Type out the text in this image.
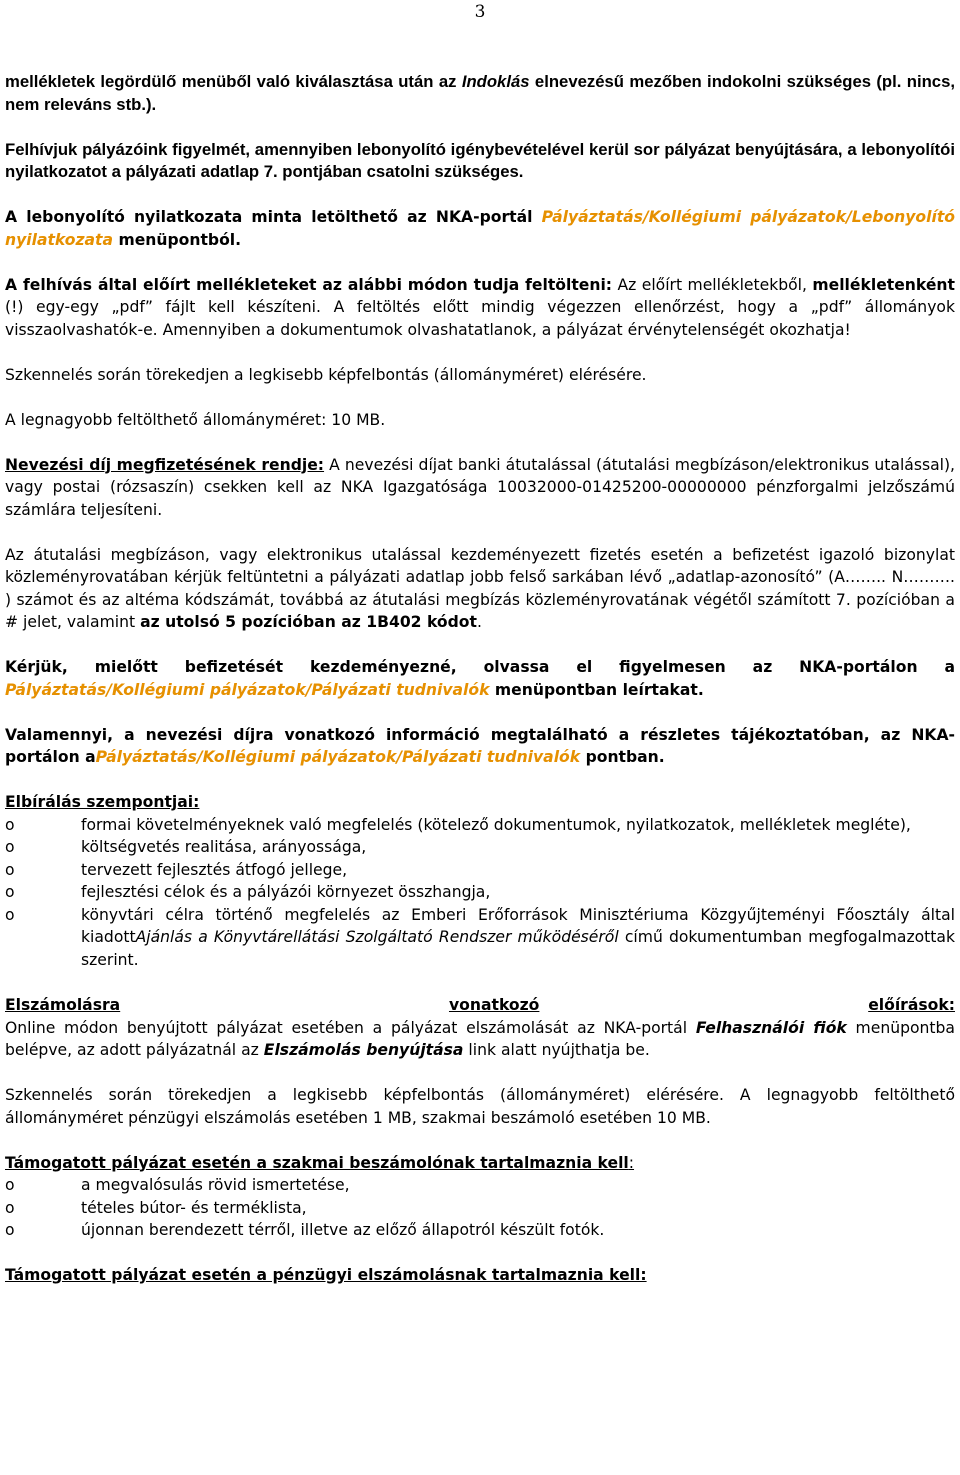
3

mellékletek legördülő menüből való kiválasztása után az Indoklás elnevezésű mezőben indokolni szükséges (pl. nincs, nem releváns stb.).

Felhívjuk pályázóink figyelmét, amennyiben lebonyolító igénybevételével kerül sor pályázat benyújtására, a lebonyolítói nyilatkozatot a pályázati adatlap 7. pontjában csatolni szükséges.

A lebonyolító nyilatkozata minta letölthető az NKA-portál Pályáztatás/Kollégiumi pályázatok/Lebonyolító nyilatkozata menüpontból.

A felhívás által előírt mellékleteket az alábbi módon tudja feltölteni: Az előírt mellékletekből, mellékletenként (!) egy-egy „pdf” fájlt kell készíteni. A feltöltés előtt mindig végezzen ellenőrzést, hogy a „pdf” állományok visszaolvashatók-e. Amennyiben a dokumentumok olvashatatlanok, a pályázat érvénytelenségét okozhatja!

Szkennelés során törekedjen a legkisebb képfelbontás (állományméret) elérésére.

A legnagyobb feltölthető állományméret: 10 MB.

Nevezési díj megfizetésének rendje: A nevezési díjat banki átutalással (átutalási megbízáson/elektronikus utalással), vagy postai (rózsaszín) csekken kell az NKA Igazgatósága 10032000-01425200-00000000 pénzforgalmi jelzőszámú számlára teljesíteni.

Az átutalási megbízáson, vagy elektronikus utalással kezdeményezett fizetés esetén a befizetést igazoló bizonylat közleményrovatában kérjük feltüntetni a pályázati adatlap jobb felső sarkában lévő „adatlap-azonosító” (A…….. N………. ) számot és az altéma kódszámát, továbbá az átutalási megbízás közleményrovatának végétől számított 7. pozícióban a # jelet, valamint az utolsó 5 pozícióban az 1B402 kódot.

Kérjük, mielőtt befizetését kezdeményezné, olvassa el figyelmesen az NKA-portálon a Pályáztatás/Kollégiumi pályázatok/Pályázati tudnivalók menüpontban leírtakat.

Valamennyi, a nevezési díjra vonatkozó információ megtalálható a részletes tájékoztatóban, az NKA-portálon aPályáztatás/Kollégiumi pályázatok/Pályázati tudnivalók pontban.

Elbírálás szempontjai:

o	formai követelményeknek való megfelelés (kötelező dokumentumok, nyilatkozatok, mellékletek megléte),
o	költségvetés realitása, arányossága,
o	tervezett fejlesztés átfogó jellege,
o	fejlesztési célok és a pályázói környezet összhangja,
o	könyvtári célra történő megfelelés az Emberi Erőforrások Minisztériuma Közgyűjteményi Főosztály által kiadottAjánlás a Könyvtárellátási Szolgáltató Rendszer működéséről című dokumentumban megfogalmazottak szerint.
Elszámolásra	vonatkozó	előírások:

Online módon benyújtott pályázat esetében a pályázat elszámolását az NKA-portál Felhasználói fiók menüpontba belépve, az adott pályázatnál az Elszámolás benyújtása link alatt nyújthatja be.

Szkennelés során törekedjen a legkisebb képfelbontás (állományméret) elérésére. A legnagyobb feltölthető állományméret pénzügyi elszámolás esetében 1 MB, szakmai beszámoló esetében 10 MB.

Támogatott pályázat esetén a szakmai beszámolónak tartalmaznia kell:

o	a megvalósulás rövid ismertetése,
o	tételes bútor- és terméklista,
o	újonnan berendezett térről, illetve az előző állapotról készült fotók.

Támogatott pályázat esetén a pénzügyi elszámolásnak tartalmaznia kell:
